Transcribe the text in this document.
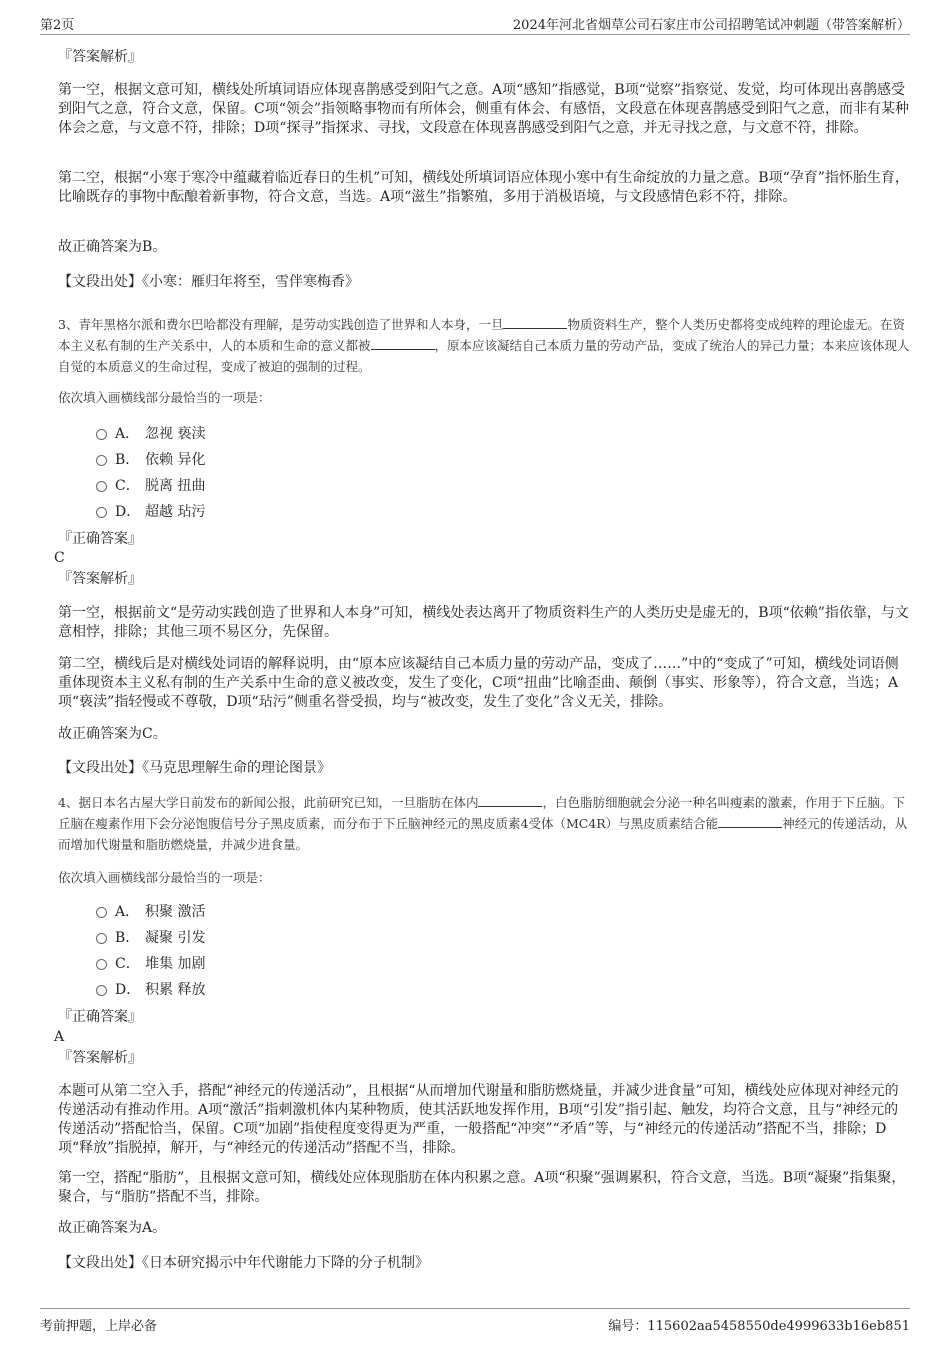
第2页	2024年河北省烟草公司石家庄市公司招聘笔试冲刺题（带答案解析）

『答案解析』

第一空，根据文意可知，横线处所填词语应体现喜鹊感受到阳气之意。A项“感知”指感觉，B项“觉察”指察觉、发觉，均可体现出喜鹊感受到阳气之意，符合文意，保留。C项“领会”指领略事物而有所体会，侧重有体会、有感悟，文段意在体现喜鹊感受到阳气之意，而非有某种体会之意，与文意不符，排除；D项“探寻”指探求、寻找，文段意在体现喜鹊感受到阳气之意，并无寻找之意，与文意不符，排除。

第二空，根据“小寒于寒冷中蕴藏着临近春日的生机”可知，横线处所填词语应体现小寒中有生命绽放的力量之意。B项“孕育”指怀胎生育，比喻既存的事物中酝酿着新事物，符合文意，当选。A项“滋生”指繁殖，多用于消极语境，与文段感情色彩不符，排除。

故正确答案为B。

【文段出处】《小寒：雁归年将至，雪伴寒梅香》

3、青年黑格尔派和费尔巴哈都没有理解，是劳动实践创造了世界和人本身，一旦	物质资料生产，整个人类历史都将变成纯粹的理论虚无。在资本主义私有制的生产关系中，人的本质和生命的意义都被	，原本应该凝结自己本质力量的劳动产品，变成了统治人的异己力量；本来应该体现人自觉的本质意义的生命过程，变成了被迫的强制的过程。

依次填入画横线部分最恰当的一项是：

A． 忽视 亵渎
B． 依赖 异化
C． 脱离 扭曲
D． 超越 玷污

『正确答案』

C

『答案解析』

第一空，根据前文“是劳动实践创造了世界和人本身”可知，横线处表达离开了物质资料生产的人类历史是虚无的，B项“依赖”指依靠，与文意相悖，排除；其他三项不易区分，先保留。

第二空，横线后是对横线处词语的解释说明，由“原本应该凝结自己本质力量的劳动产品，变成了……”中的“变成了”可知，横线处词语侧重体现资本主义私有制的生产关系中生命的意义被改变，发生了变化，C项“扭曲”比喻歪曲、颠倒（事实、形象等），符合文意，当选；A项“亵渎”指轻慢或不尊敬，D项“玷污”侧重名誉受损，均与“被改变，发生了变化”含义无关，排除。

故正确答案为C。

【文段出处】《马克思理解生命的理论图景》

4、据日本名古屋大学日前发布的新闻公报，此前研究已知，一旦脂肪在体内	，白色脂肪细胞就会分泌一种名叫瘦素的激素，作用于下丘脑。下丘脑在瘦素作用下会分泌饱腹信号分子黑皮质素，而分布于下丘脑神经元的黑皮质素4受体（MC4R）与黑皮质素结合能	神经元的传递活动，从而增加代谢量和脂肪燃烧量，并减少进食量。

依次填入画横线部分最恰当的一项是：

A． 积聚 激活
B． 凝聚 引发
C． 堆集 加剧
D． 积累 释放

『正确答案』

A

『答案解析』

本题可从第二空入手，搭配“神经元的传递活动”，且根据“从而增加代谢量和脂肪燃烧量，并减少进食量”可知，横线处应体现对神经元的传递活动有推动作用。A项“激活”指刺激机体内某种物质，使其活跃地发挥作用，B项“引发”指引起、触发，均符合文意，且与“神经元的传递活动”搭配恰当，保留。C项“加剧”指使程度变得更为严重，一般搭配“冲突”“矛盾”等，与“神经元的传递活动”搭配不当，排除；D项“释放”指脱掉，解开，与“神经元的传递活动”搭配不当，排除。

第一空，搭配“脂肪”，且根据文意可知，横线处应体现脂肪在体内积累之意。A项“积聚”强调累积，符合文意，当选。B项“凝聚”指集聚，聚合，与“脂肪”搭配不当，排除。

故正确答案为A。

【文段出处】《日本研究揭示中年代谢能力下降的分子机制》

考前押题，上岸必备	编号：115602aa5458550de4999633b16eb851
